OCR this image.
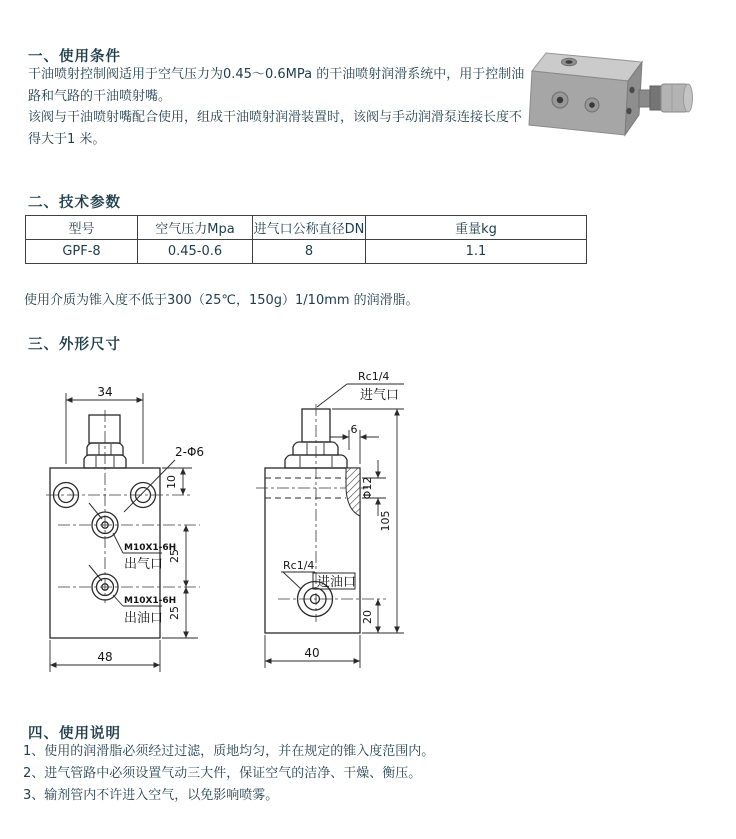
一、使用条件
干油喷射控制阀适用于空气压力为0.45～0.6MPa 的干油喷射润滑系统中，用于控制油路和气路的干油喷射嘴。
该阀与干油喷射嘴配合使用，组成干油喷射润滑装置时，该阀与手动润滑泵连接长度不得大于1 米。
二、技术参数
型号	空气压力Mpa	进气口公称直径DN	重量kg
GPF-8	0.45-0.6	8	1.1
使用介质为锥入度不低于300（25℃，150g）1/10mm 的润滑脂。
三、外形尺寸
34
2-Φ6
10
M10X1-6H
出气口
M10X1-6H
出油口
25
25
48
Rc1/4
进气口
6
Φ12
105
Rc1/4
进油口
20
40
四、使用说明
1、使用的润滑脂必须经过过滤，质地均匀，并在规定的锥入度范围内。
2、进气管路中必须设置气动三大件，保证空气的洁净、干燥、衡压。
3、输剂管内不许进入空气，以免影响喷雾。
